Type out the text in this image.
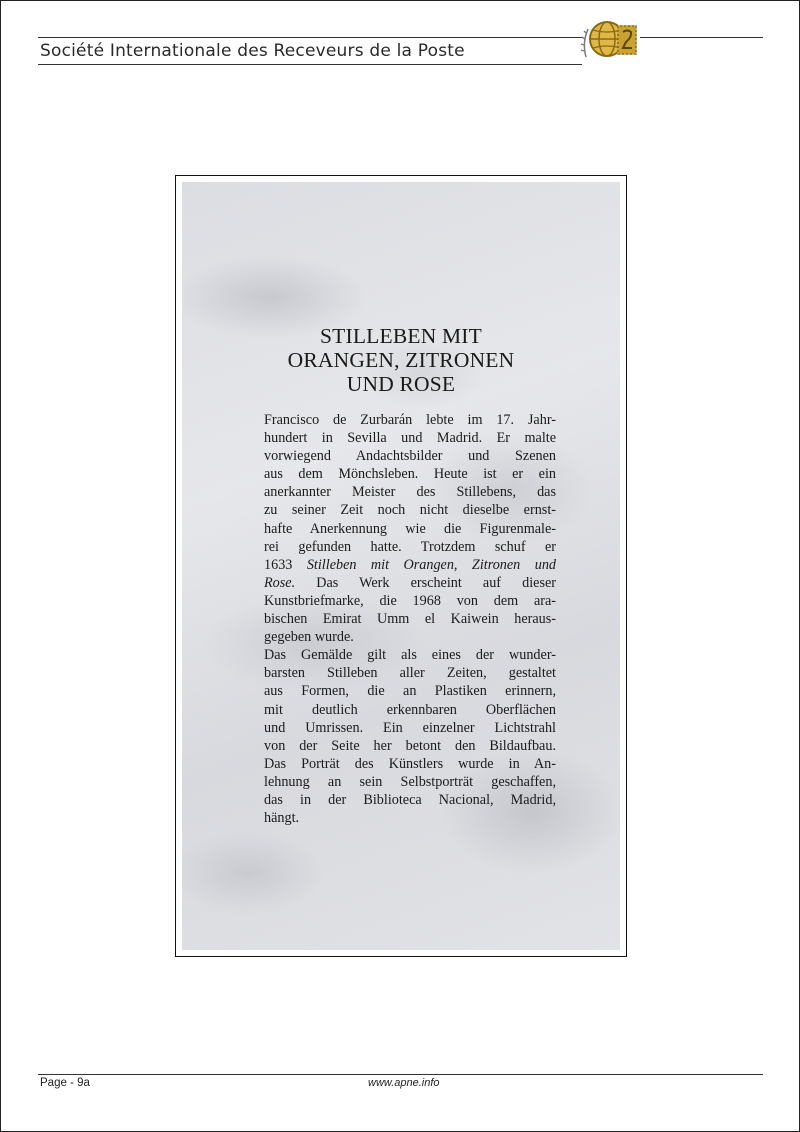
Société Internationale des Receveurs de la Poste
STILLEBEN MIT
ORANGEN, ZITRONEN
UND ROSE
Francisco de Zurbarán lebte im 17. Jahr-
hundert in Sevilla und Madrid. Er malte
vorwiegend Andachtsbilder und Szenen
aus dem Mönchsleben. Heute ist er ein
anerkannter Meister des Stillebens, das
zu seiner Zeit noch nicht dieselbe ernst-
hafte Anerkennung wie die Figurenmale-
rei gefunden hatte. Trotzdem schuf er
1633 Stilleben mit Orangen, Zitronen und
Rose. Das Werk erscheint auf dieser
Kunstbriefmarke, die 1968 von dem ara-
bischen Emirat Umm el Kaiwein heraus-
gegeben wurde.
Das Gemälde gilt als eines der wunder-
barsten Stilleben aller Zeiten, gestaltet
aus Formen, die an Plastiken erinnern,
mit deutlich erkennbaren Oberflächen
und Umrissen. Ein einzelner Lichtstrahl
von der Seite her betont den Bildaufbau.
Das Porträt des Künstlers wurde in An-
lehnung an sein Selbstporträt geschaffen,
das in der Biblioteca Nacional, Madrid,
hängt.
Page - 9a	www.apne.info
